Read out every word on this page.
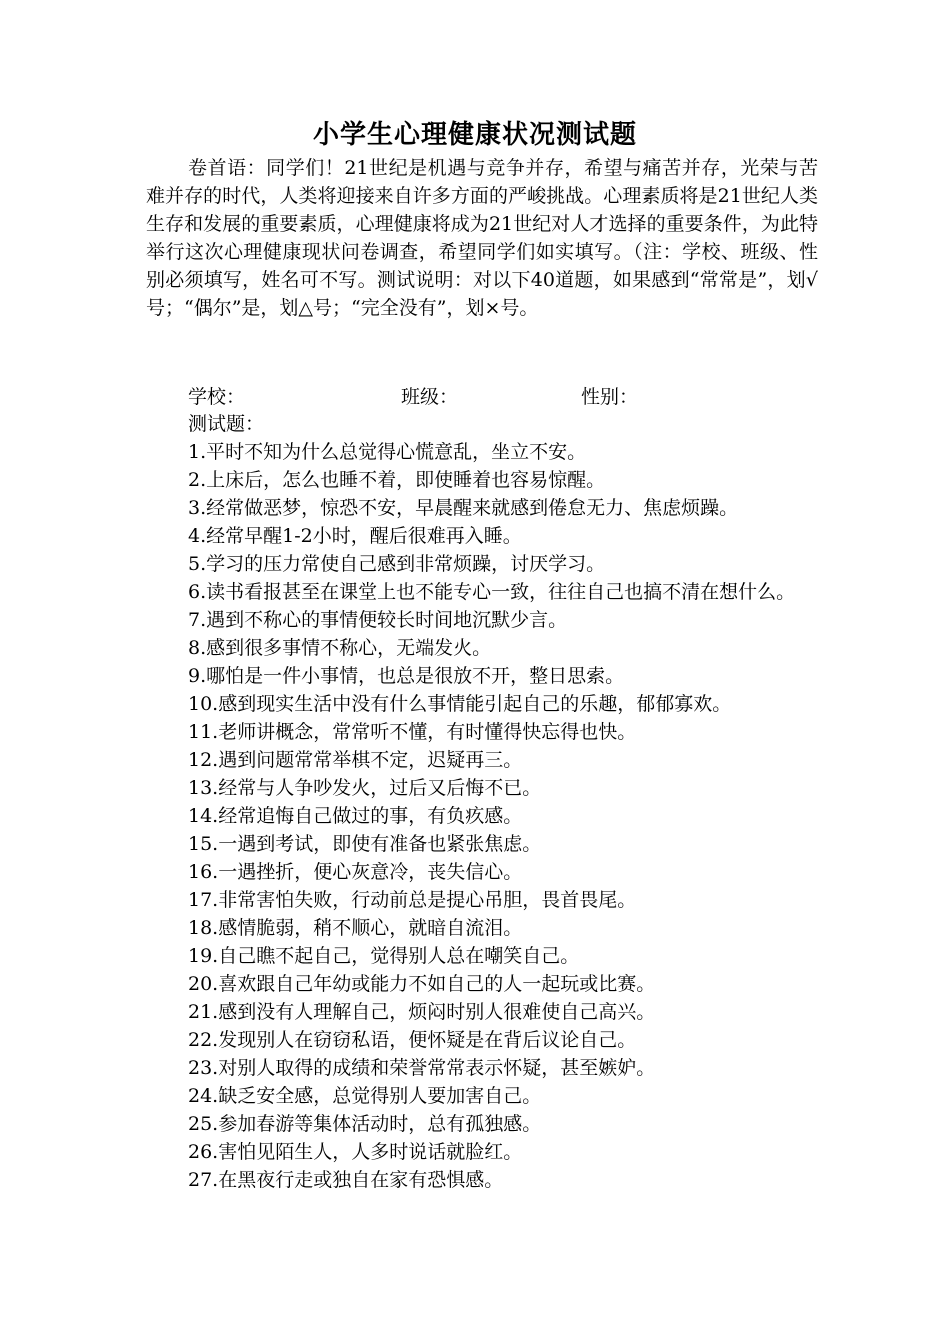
小学生心理健康状况测试题

卷首语：同学们！21世纪是机遇与竞争并存，希望与痛苦并存，光荣与苦难并存的时代，人类将迎接来自许多方面的严峻挑战。心理素质将是21世纪人类生存和发展的重要素质，心理健康将成为21世纪对人才选择的重要条件，为此特举行这次心理健康现状问卷调查，希望同学们如实填写。（注：学校、班级、性别必须填写，姓名可不写。测试说明：对以下40道题，如果感到“常常是”，划√号；“偶尔”是，划△号；“完全没有”，划×号。

学校：	班级：	性别：
测试题：
1.平时不知为什么总觉得心慌意乱，坐立不安。
2.上床后，怎么也睡不着，即使睡着也容易惊醒。
3.经常做恶梦，惊恐不安，早晨醒来就感到倦怠无力、焦虑烦躁。
4.经常早醒1-2小时，醒后很难再入睡。
5.学习的压力常使自己感到非常烦躁，讨厌学习。
6.读书看报甚至在课堂上也不能专心一致，往往自己也搞不清在想什么。
7.遇到不称心的事情便较长时间地沉默少言。
8.感到很多事情不称心，无端发火。
9.哪怕是一件小事情，也总是很放不开，整日思索。
10.感到现实生活中没有什么事情能引起自己的乐趣，郁郁寡欢。
11.老师讲概念，常常听不懂，有时懂得快忘得也快。
12.遇到问题常常举棋不定，迟疑再三。
13.经常与人争吵发火，过后又后悔不已。
14.经常追悔自己做过的事，有负疚感。
15.一遇到考试，即使有准备也紧张焦虑。
16.一遇挫折，便心灰意冷，丧失信心。
17.非常害怕失败，行动前总是提心吊胆，畏首畏尾。
18.感情脆弱，稍不顺心，就暗自流泪。
19.自己瞧不起自己，觉得别人总在嘲笑自己。
20.喜欢跟自己年幼或能力不如自己的人一起玩或比赛。
21.感到没有人理解自己，烦闷时别人很难使自己高兴。
22.发现别人在窃窃私语，便怀疑是在背后议论自己。
23.对别人取得的成绩和荣誉常常表示怀疑，甚至嫉妒。
24.缺乏安全感，总觉得别人要加害自己。
25.参加春游等集体活动时，总有孤独感。
26.害怕见陌生人，人多时说话就脸红。
27.在黑夜行走或独自在家有恐惧感。
